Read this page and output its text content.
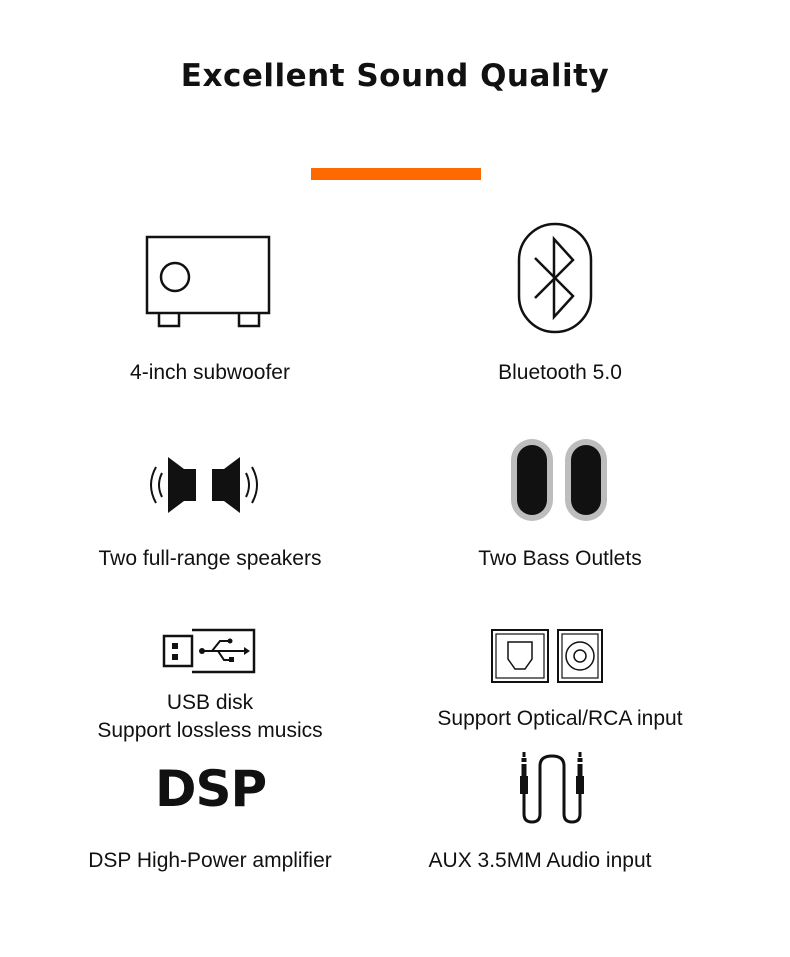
Excellent Sound Quality
4-inch subwoofer	Bluetooth 5.0
Two full-range speakers	Two Bass Outlets
USB disk
Support lossless musics
Support Optical/RCA input
DSP
DSP High-Power amplifier	AUX 3.5MM Audio input
